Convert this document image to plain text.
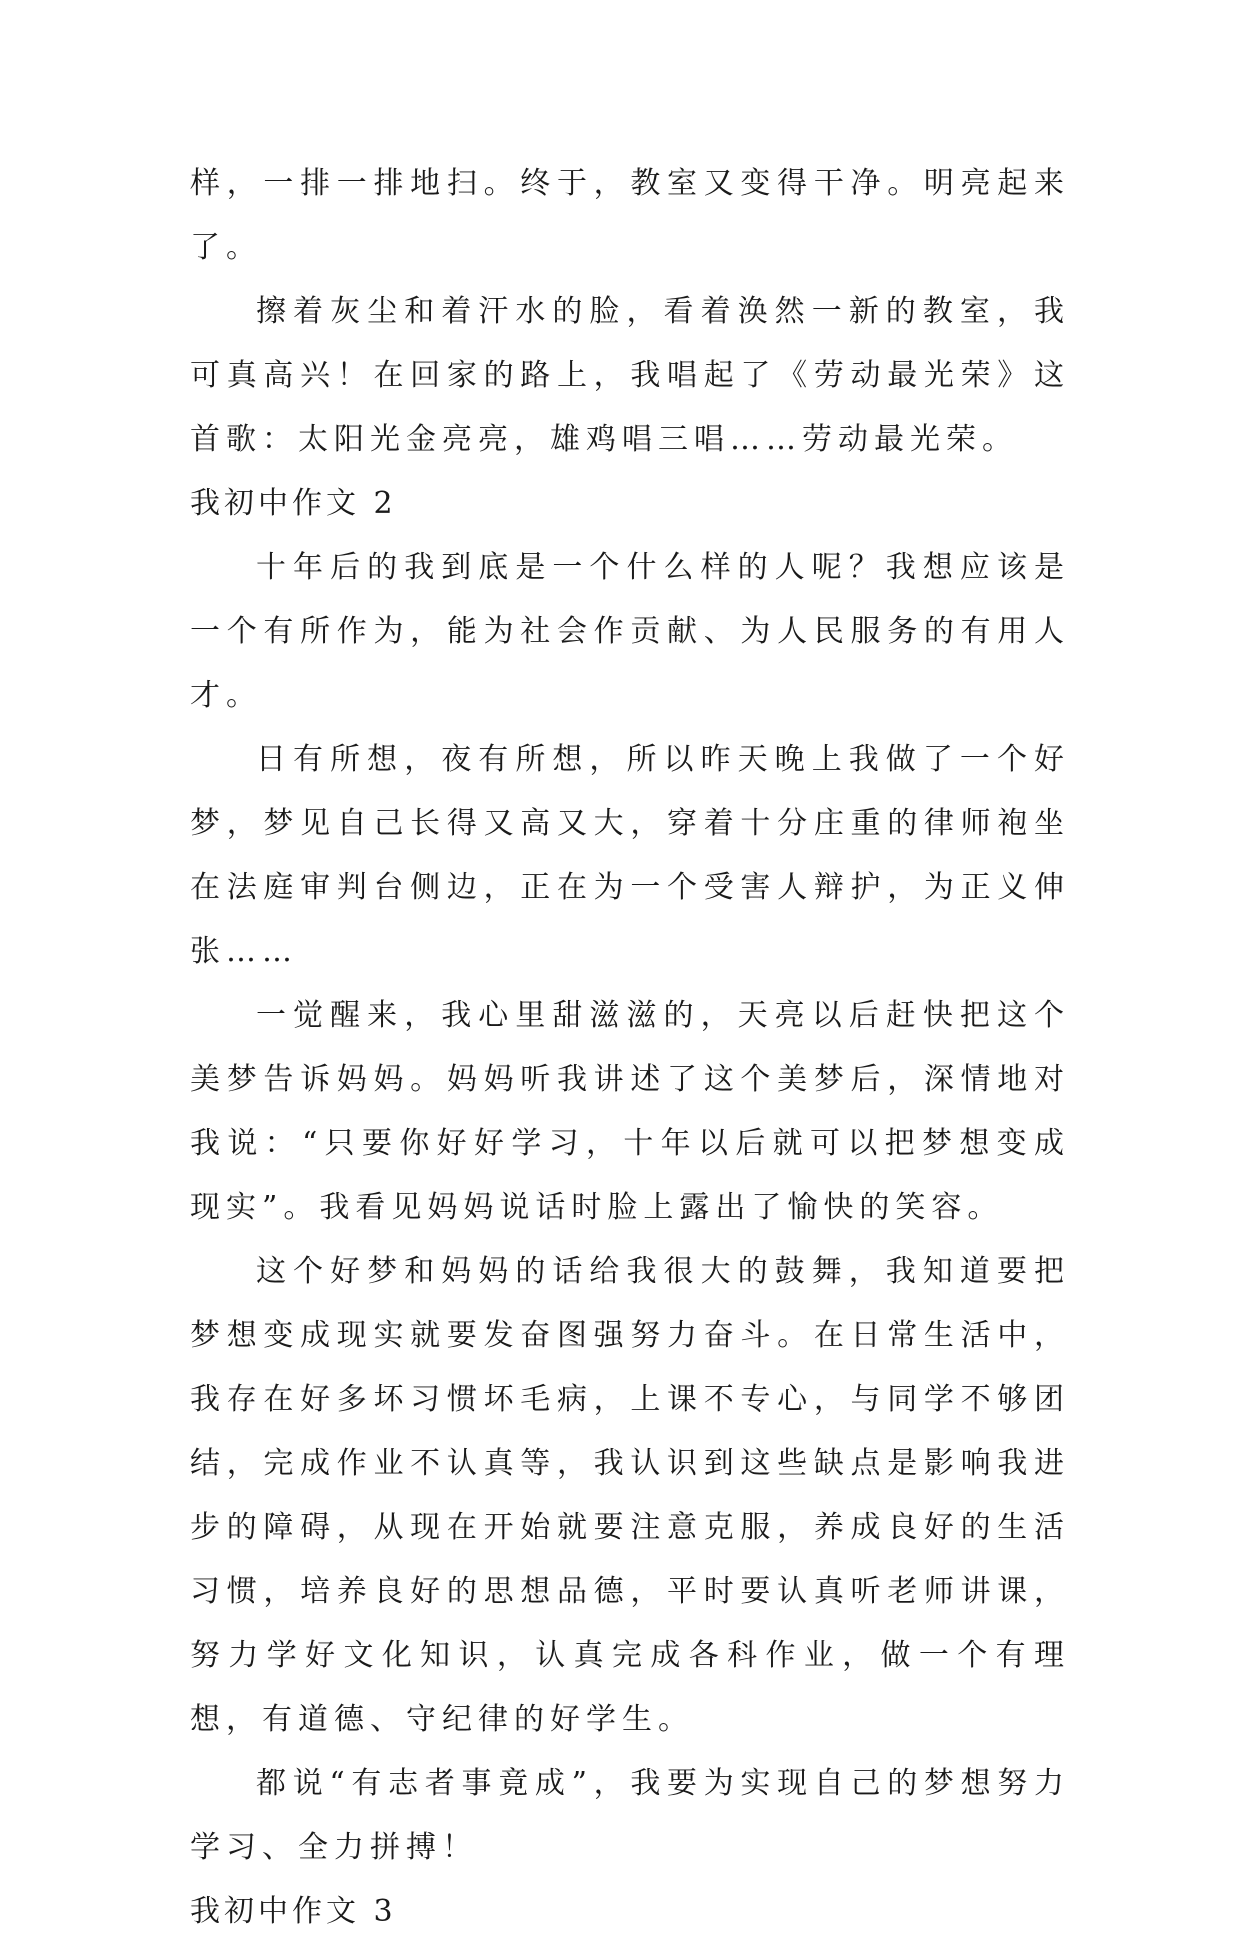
样，一排一排地扫。终于，教室又变得干净。明亮起来了。

擦着灰尘和着汗水的脸，看着涣然一新的教室，我可真高兴！在回家的路上，我唱起了《劳动最光荣》这首歌：太阳光金亮亮，雄鸡唱三唱……劳动最光荣。

我初中作文 2

十年后的我到底是一个什么样的人呢？我想应该是一个有所作为，能为社会作贡献、为人民服务的有用人才。

日有所想，夜有所想，所以昨天晚上我做了一个好梦，梦见自己长得又高又大，穿着十分庄重的律师袍坐在法庭审判台侧边，正在为一个受害人辩护，为正义伸张……

一觉醒来，我心里甜滋滋的，天亮以后赶快把这个美梦告诉妈妈。妈妈听我讲述了这个美梦后，深情地对我说：“只要你好好学习，十年以后就可以把梦想变成现实”。我看见妈妈说话时脸上露出了愉快的笑容。

这个好梦和妈妈的话给我很大的鼓舞，我知道要把梦想变成现实就要发奋图强努力奋斗。在日常生活中，我存在好多坏习惯坏毛病，上课不专心，与同学不够团结，完成作业不认真等，我认识到这些缺点是影响我进步的障碍，从现在开始就要注意克服，养成良好的生活习惯，培养良好的思想品德，平时要认真听老师讲课，努力学好文化知识，认真完成各科作业，做一个有理想，有道德、守纪律的好学生。

都说“有志者事竟成”，我要为实现自己的梦想努力学习、全力拼搏！

我初中作文 3
